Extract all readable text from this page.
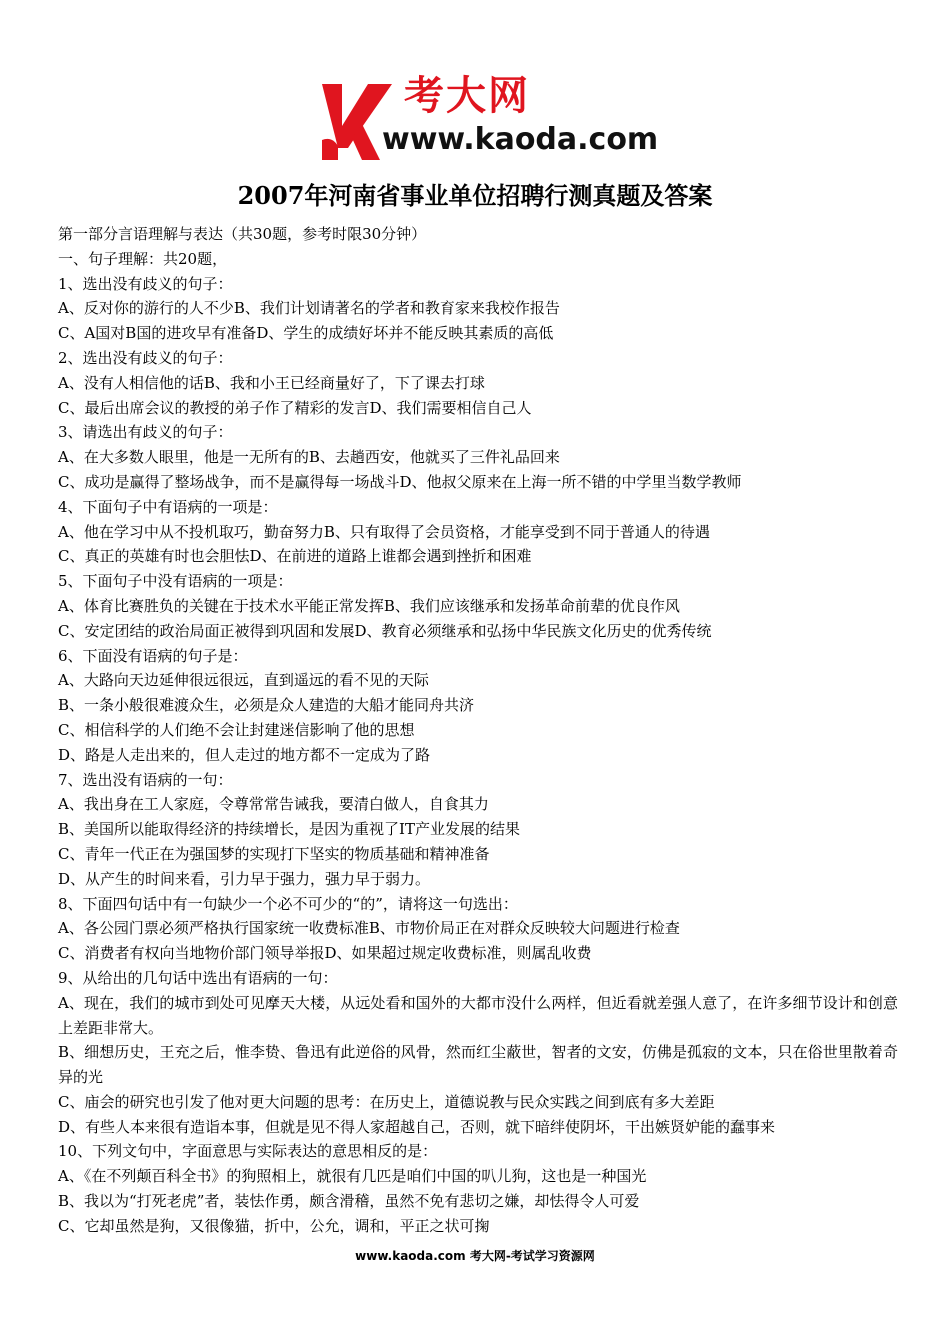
考大网
www.kaoda.com
2007年河南省事业单位招聘行测真题及答案
第一部分言语理解与表达（共30题，参考时限30分钟）
一、句子理解：共20题，
1、选出没有歧义的句子：
A、反对你的游行的人不少B、我们计划请著名的学者和教育家来我校作报告
C、A国对B国的进攻早有准备D、学生的成绩好坏并不能反映其素质的高低
2、选出没有歧义的句子：
A、没有人相信他的话B、我和小王已经商量好了，下了课去打球
C、最后出席会议的教授的弟子作了精彩的发言D、我们需要相信自己人
3、请选出有歧义的句子：
A、在大多数人眼里，他是一无所有的B、去趟西安，他就买了三件礼品回来
C、成功是赢得了整场战争，而不是赢得每一场战斗D、他叔父原来在上海一所不错的中学里当数学教师
4、下面句子中有语病的一项是：
A、他在学习中从不投机取巧，勤奋努力B、只有取得了会员资格，才能享受到不同于普通人的待遇
C、真正的英雄有时也会胆怯D、在前进的道路上谁都会遇到挫折和困难
5、下面句子中没有语病的一项是：
A、体育比赛胜负的关键在于技术水平能正常发挥B、我们应该继承和发扬革命前辈的优良作风
C、安定团结的政治局面正被得到巩固和发展D、教育必须继承和弘扬中华民族文化历史的优秀传统
6、下面没有语病的句子是：
A、大路向天边延伸很远很远，直到遥远的看不见的天际
B、一条小般很难渡众生，必须是众人建造的大船才能同舟共济
C、相信科学的人们绝不会让封建迷信影响了他的思想
D、路是人走出来的，但人走过的地方都不一定成为了路
7、选出没有语病的一句：
A、我出身在工人家庭，令尊常常告诫我，要清白做人，自食其力
B、美国所以能取得经济的持续增长，是因为重视了IT产业发展的结果
C、青年一代正在为强国梦的实现打下坚实的物质基础和精神准备
D、从产生的时间来看，引力早于强力，强力早于弱力。
8、下面四句话中有一句缺少一个必不可少的“的”，请将这一句选出：
A、各公园门票必须严格执行国家统一收费标准B、市物价局正在对群众反映较大问题进行检查
C、消费者有权向当地物价部门领导举报D、如果超过规定收费标准，则属乱收费
9、从给出的几句话中选出有语病的一句：
A、现在，我们的城市到处可见摩天大楼，从远处看和国外的大都市没什么两样，但近看就差强人意了，在许多细节设计和创意上差距非常大。
B、细想历史，王充之后，惟李贽、鲁迅有此逆俗的风骨，然而红尘蔽世，智者的文安，仿佛是孤寂的文本，只在俗世里散着奇异的光
C、庙会的研究也引发了他对更大问题的思考：在历史上，道德说教与民众实践之间到底有多大差距
D、有些人本来很有造诣本事，但就是见不得人家超越自己，否则，就下暗绊使阴坏，干出嫉贤妒能的蠢事来
10、下列文句中，字面意思与实际表达的意思相反的是：
A、《在不列颠百科全书》的狗照相上，就很有几匹是咱们中国的叭儿狗，这也是一种国光
B、我以为“打死老虎”者，装怯作勇，颇含滑稽，虽然不免有悲切之嫌，却怯得令人可爱
C、它却虽然是狗，又很像猫，折中，公允，调和，平正之状可掬
www.kaoda.com 考大网-考试学习资源网
